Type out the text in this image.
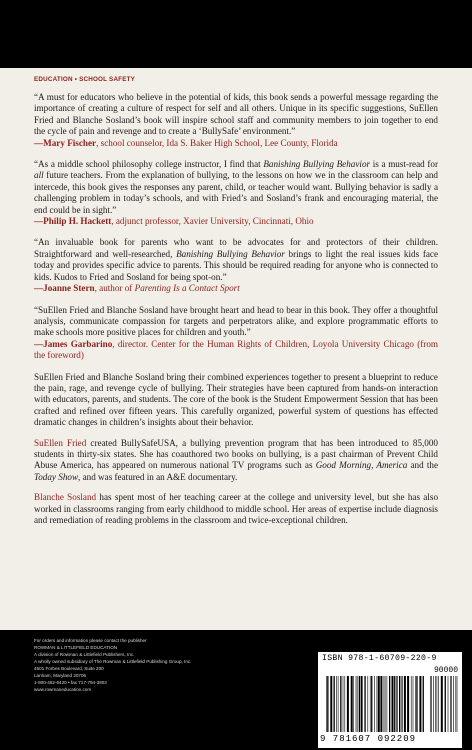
EDUCATION • SCHOOL SAFETY

“A must for educators who believe in the potential of kids, this book sends a powerful message regarding the importance of creating a culture of respect for self and all others. Unique in its specific suggestions, SuEllen Fried and Blanche Sosland’s book will inspire school staff and community members to join together to end the cycle of pain and revenge and to create a ‘BullySafe’ environment.”

—Mary Fischer, school counselor, Ida S. Baker High School, Lee County, Florida

“As a middle school philosophy college instructor, I find that Banishing Bullying Behavior is a must-read for all future teachers. From the explanation of bullying, to the lessons on how we in the classroom can help and intercede, this book gives the responses any parent, child, or teacher would want. Bullying behavior is sadly a challenging problem in today’s schools, and with Fried’s and Sosland’s frank and encouraging material, the end could be in sight.”

—Philip H. Hackett, adjunct professor, Xavier University, Cincinnati, Ohio

“An invaluable book for parents who want to be advocates for and protectors of their children. Straightforward and well-researched, Banishing Bullying Behavior brings to light the real issues kids face today and provides specific advice to parents. This should be required reading for anyone who is connected to kids. Kudos to Fried and Sosland for being spot-on.”

—Joanne Stern, author of Parenting Is a Contact Sport

“SuEllen Fried and Blanche Sosland have brought heart and head to bear in this book. They offer a thoughtful analysis, communicate compassion for targets and perpetrators alike, and explore programmatic efforts to make schools more positive places for children and youth.”

—James Garbarino, director. Center for the Human Rights of Children, Loyola University Chicago (from the foreword)

SuEllen Fried and Blanche Sosland bring their combined experiences together to present a blueprint to reduce the pain, rage, and revenge cycle of bullying. Their strategies have been captured from hands-on interaction with educators, parents, and students. The core of the book is the Student Empowerment Session that has been crafted and refined over fifteen years. This carefully organized, powerful system of questions has effected dramatic changes in children’s insights about their behavior.

SuEllen Fried created BullySafeUSA, a bullying prevention program that has been introduced to 85,000 students in thirty-six states. She has coauthored two books on bullying, is a past chairman of Prevent Child Abuse America, has appeared on numerous national TV programs such as Good Morning, America and the Today Show, and was featured in an A&E documentary.

Blanche Sosland has spent most of her teaching career at the college and university level, but she has also worked in classrooms ranging from early childhood to middle school. Her areas of expertise include diagnosis and remediation of reading problems in the classroom and twice-exceptional children.

For orders and information please contact the publisher
ROWMAN & LITTLEFIELD EDUCATION
A division of Rowman & Littlefield Publishers, Inc.
A wholly owned subsidiary of The Rowman & Littlefield Publishing Group, Inc.
4501 Forbes Boulevard, Suite 200
Lanham, Maryland 20706
1-800-462-6420 • fax 717-794-3803
www.rowmaneducation.com
ISBN 978-1-60709-220-9
90000
9 781607 092209
